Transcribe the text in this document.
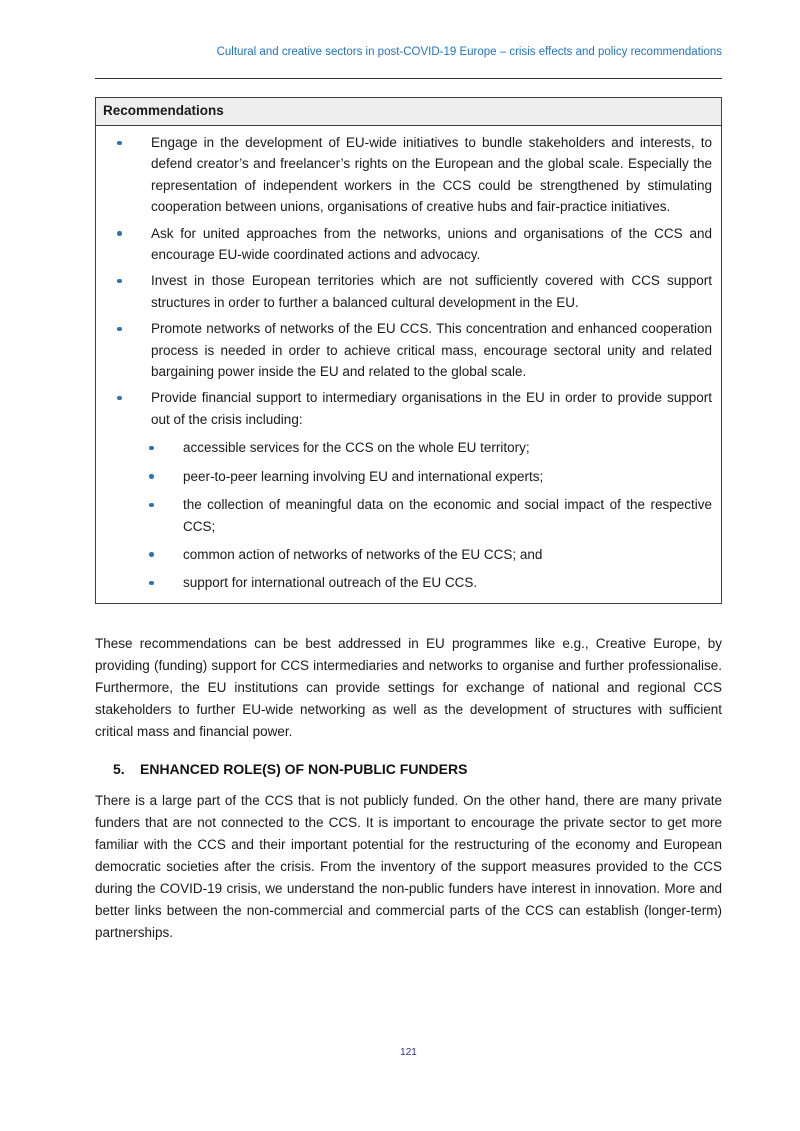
Cultural and creative sectors in post-COVID-19 Europe – crisis effects and policy recommendations
Recommendations
Engage in the development of EU-wide initiatives to bundle stakeholders and interests, to defend creator’s and freelancer’s rights on the European and the global scale. Especially the representation of independent workers in the CCS could be strengthened by stimulating cooperation between unions, organisations of creative hubs and fair-practice initiatives.
Ask for united approaches from the networks, unions and organisations of the CCS and encourage EU-wide coordinated actions and advocacy.
Invest in those European territories which are not sufficiently covered with CCS support structures in order to further a balanced cultural development in the EU.
Promote networks of networks of the EU CCS. This concentration and enhanced cooperation process is needed in order to achieve critical mass, encourage sectoral unity and related bargaining power inside the EU and related to the global scale.
Provide financial support to intermediary organisations in the EU in order to provide support out of the crisis including:
accessible services for the CCS on the whole EU territory;
peer-to-peer learning involving EU and international experts;
the collection of meaningful data on the economic and social impact of the respective CCS;
common action of networks of networks of the EU CCS; and
support for international outreach of the EU CCS.
These recommendations can be best addressed in EU programmes like e.g., Creative Europe, by providing (funding) support for CCS intermediaries and networks to organise and further professionalise. Furthermore, the EU institutions can provide settings for exchange of national and regional CCS stakeholders to further EU-wide networking as well as the development of structures with sufficient critical mass and financial power.
5.	ENHANCED ROLE(S) OF NON-PUBLIC FUNDERS
There is a large part of the CCS that is not publicly funded. On the other hand, there are many private funders that are not connected to the CCS. It is important to encourage the private sector to get more familiar with the CCS and their important potential for the restructuring of the economy and European democratic societies after the crisis. From the inventory of the support measures provided to the CCS during the COVID-19 crisis, we understand the non-public funders have interest in innovation. More and better links between the non-commercial and commercial parts of the CCS can establish (longer-term) partnerships.
121
